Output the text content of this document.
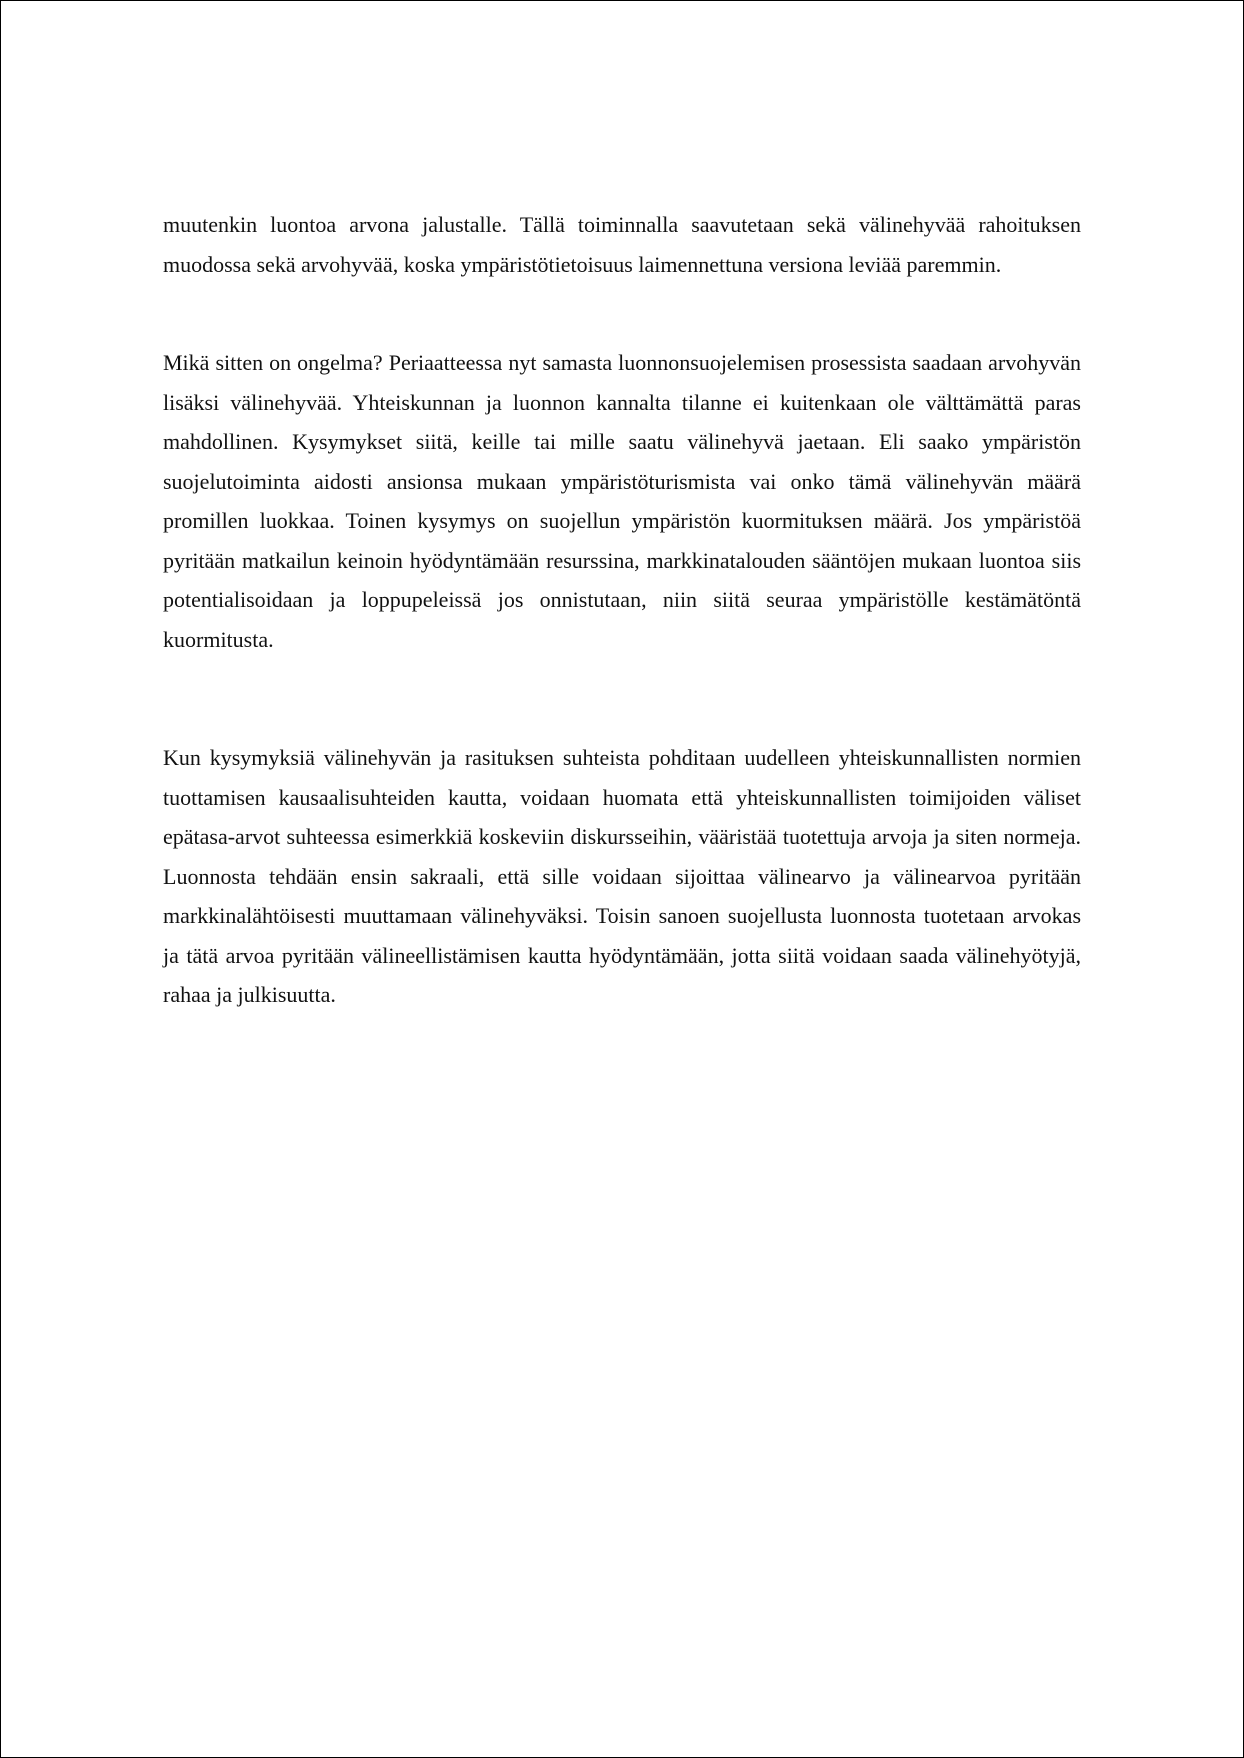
muutenkin luontoa arvona jalustalle. Tällä toiminnalla saavutetaan sekä välinehyvää rahoituksen muodossa sekä arvohyvää, koska ympäristötietoisuus laimennettuna versiona leviää paremmin.

Mikä sitten on ongelma? Periaatteessa nyt samasta luonnonsuojelemisen prosessista saadaan arvohyvän lisäksi välinehyvää. Yhteiskunnan ja luonnon kannalta tilanne ei kuitenkaan ole välttämättä paras mahdollinen. Kysymykset siitä, keille tai mille saatu välinehyvä jaetaan. Eli saako ympäristön suojelutoiminta aidosti ansionsa mukaan ympäristöturismista vai onko tämä välinehyvän määrä promillen luokkaa. Toinen kysymys on suojellun ympäristön kuormituksen määrä. Jos ympäristöä pyritään matkailun keinoin hyödyntämään resurssina, markkinatalouden sääntöjen mukaan luontoa siis potentialisoidaan ja loppupeleissä jos onnistutaan, niin siitä seuraa ympäristölle kestämätöntä kuormitusta.

Kun kysymyksiä välinehyvän ja rasituksen suhteista pohditaan uudelleen yhteiskunnallisten normien tuottamisen kausaalisuhteiden kautta, voidaan huomata että yhteiskunnallisten toimijoiden väliset epätasa-arvot suhteessa esimerkkiä koskeviin diskursseihin, vääristää tuotettuja arvoja ja siten normeja. Luonnosta tehdään ensin sakraali, että sille voidaan sijoittaa välinearvo ja välinearvoa pyritään markkinalähtöisesti muuttamaan välinehyväksi. Toisin sanoen suojellusta luonnosta tuotetaan arvokas ja tätä arvoa pyritään välineellistämisen kautta hyödyntämään, jotta siitä voidaan saada välinehyötyjä, rahaa ja julkisuutta.
